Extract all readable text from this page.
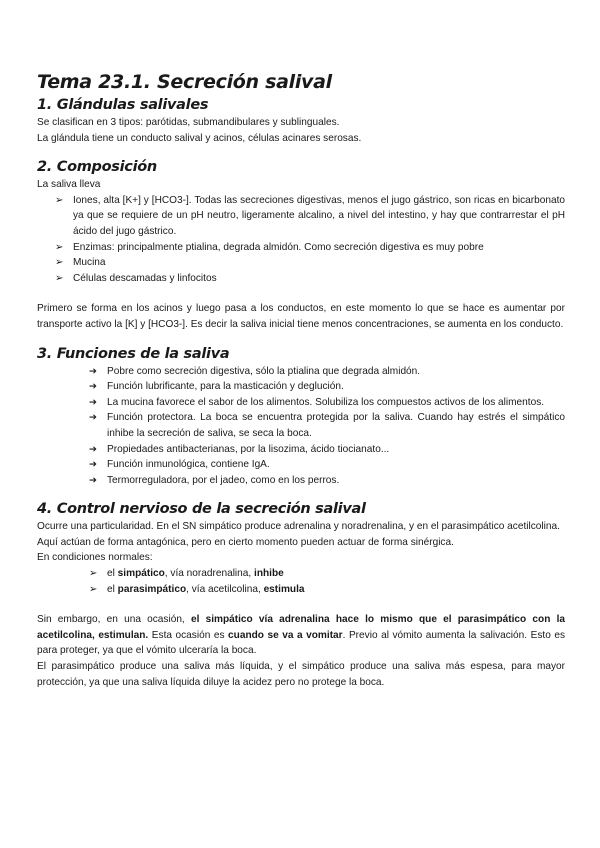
Tema 23.1. Secreción salival
1. Glándulas salivales

Se clasifican en 3 tipos: parótidas, submandibulares y sublinguales.

La glándula tiene un conducto salival y acinos, células acinares serosas.

2. Composición

La saliva lleva

➢ Iones, alta [K+] y [HCO3-]. Todas las secreciones digestivas, menos el jugo gástrico, son ricas en bicarbonato ya que se requiere de un pH neutro, ligeramente alcalino, a nivel del intestino, y hay que contrarrestar el pH ácido del jugo gástrico.
➢ Enzimas: principalmente ptialina, degrada almidón. Como secreción digestiva es muy pobre
➢ Mucina
➢ Células descamadas y linfocitos

Primero se forma en los acinos y luego pasa a los conductos, en este momento lo que se hace es aumentar por transporte activo la [K] y [HCO3-]. Es decir la saliva inicial tiene menos concentraciones, se aumenta en los conducto.

3. Funciones de la saliva
➔ Pobre como secreción digestiva, sólo la ptialina que degrada almidón.
➔ Función lubrificante, para la masticación y deglución.
➔ La mucina favorece el sabor de los alimentos. Solubiliza los compuestos activos de los alimentos.
➔ Función protectora. La boca se encuentra protegida por la saliva. Cuando hay estrés el simpático inhibe la secreción de saliva, se seca la boca.
➔ Propiedades antibacterianas, por la lisozima, ácido tiocianato...
➔ Función inmunológica, contiene IgA.
➔ Termorreguladora, por el jadeo, como en los perros.
4. Control nervioso de la secreción salival

Ocurre una particularidad. En el SN simpático produce adrenalina y noradrenalina, y en el parasimpático acetilcolina.

Aquí actúan de forma antagónica, pero en cierto momento pueden actuar de forma sinérgica.

En condiciones normales:

➢ el simpático, vía noradrenalina, inhibe
➢ el parasimpático, vía acetilcolina, estimula

Sin embargo, en una ocasión, el simpático vía adrenalina hace lo mismo que el parasimpático con la acetilcolina, estimulan. Esta ocasión es cuando se va a vomitar. Previo al vómito aumenta la salivación. Esto es para proteger, ya que el vómito ulceraría la boca.

El parasimpático produce una saliva más líquida, y el simpático produce una saliva más espesa, para mayor protección, ya que una saliva líquida diluye la acidez pero no protege la boca.
